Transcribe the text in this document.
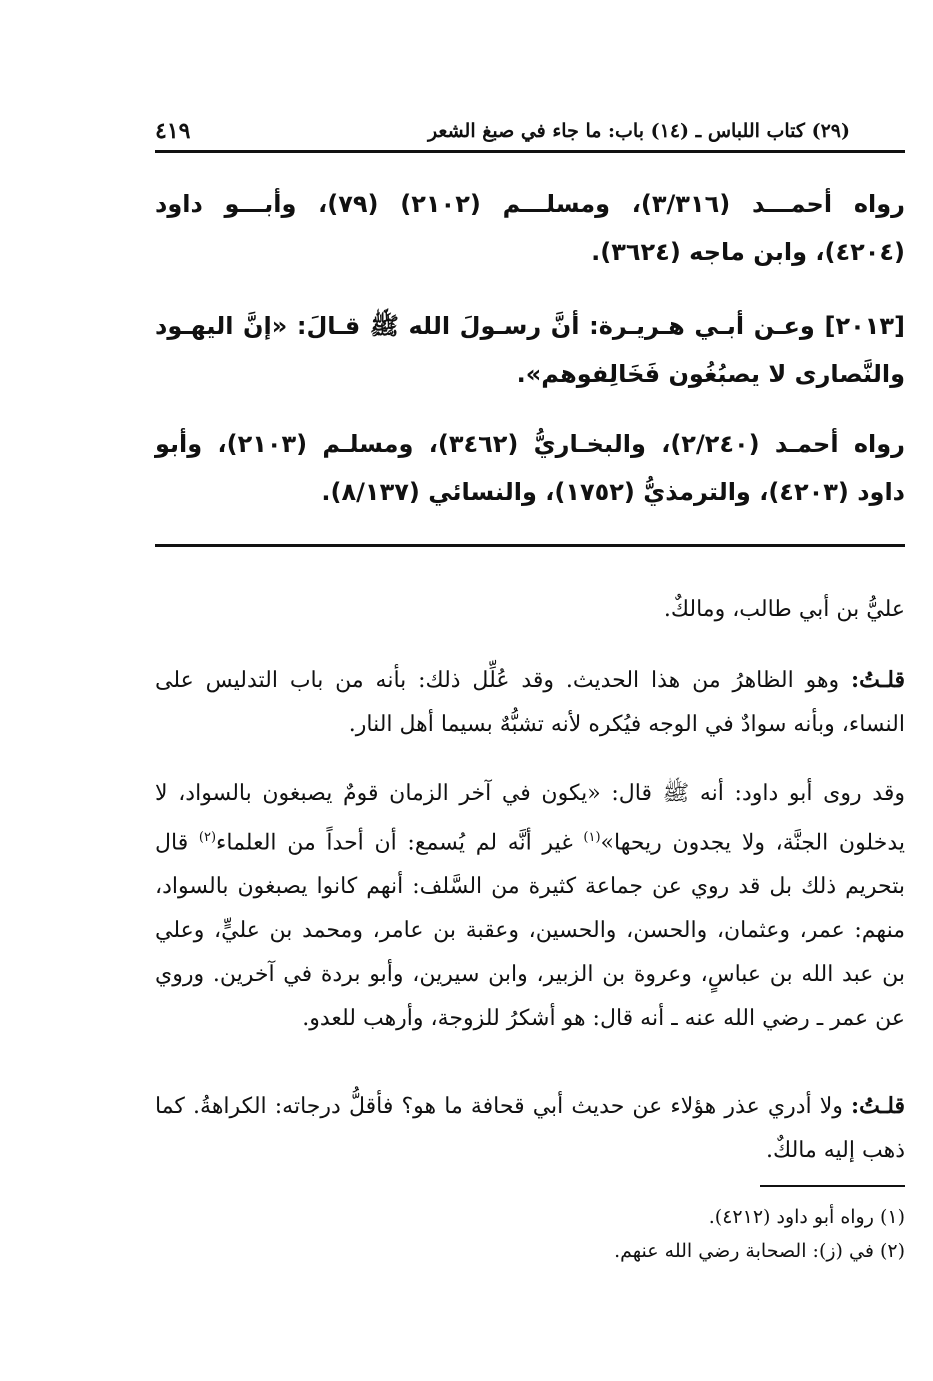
(٢٩) كتاب اللباس ـ (١٤) باب: ما جاء في صبغ الشعر
٤١٩

رواه أحمـــد (٣/٣١٦)، ومسلـــم (٢١٠٢) (٧٩)، وأبـــو داود (٤٢٠٤)، وابن ماجه (٣٦٢٤).

[٢٠١٣] وعـن أبـي هـريـرة: أنَّ رسـولَ الله ﷺ قـالَ: «إنَّ اليهـود والنَّصارى لا يصبُغُون فَخَالِفوهم».

رواه أحمـد (٢/٢٤٠)، والبخـاريُّ (٣٤٦٢)، ومسلـم (٢١٠٣)، وأبو داود (٤٢٠٣)، والترمذيُّ (١٧٥٢)، والنسائي (٨/١٣٧).

عليُّ بن أبي طالب، ومالكٌ.

قلـتُ: وهو الظاهرُ من هذا الحديث. وقد عُلِّل ذلك: بأنه من باب التدليس على النساء، وبأنه سوادٌ في الوجه فيُكره لأنه تشبُّهٌ بسيما أهل النار.

وقد روى أبو داود: أنه ﷺ قال: «يكون في آخر الزمان قومٌ يصبغون بالسواد، لا يدخلون الجنَّة، ولا يجدون ريحها»$^{(١)}$ غير أنَّه لم يُسمع: أن أحداً من العلماء$^{(٢)}$ قال بتحريم ذلك بل قد روي عن جماعة كثيرة من السَّلف: أنهم كانوا يصبغون بالسواد، منهم: عمر، وعثمان، والحسن، والحسين، وعقبة بن عامر، ومحمد بن عليٍّ، وعلي بن عبد الله بن عباسٍ، وعروة بن الزبير، وابن سيرين، وأبو بردة في آخرين. وروي عن عمر ـ رضي الله عنه ـ أنه قال: هو أشكرُ للزوجة، وأرهب للعدو.

قلـتُ: ولا أدري عذر هؤلاء عن حديث أبي قحافة ما هو؟ فأقلُّ درجاته: الكراهةُ. كما ذهب إليه مالكٌ.

(١) رواه أبو داود (٤٢١٢).
(٢) في (ز): الصحابة رضي الله عنهم.
